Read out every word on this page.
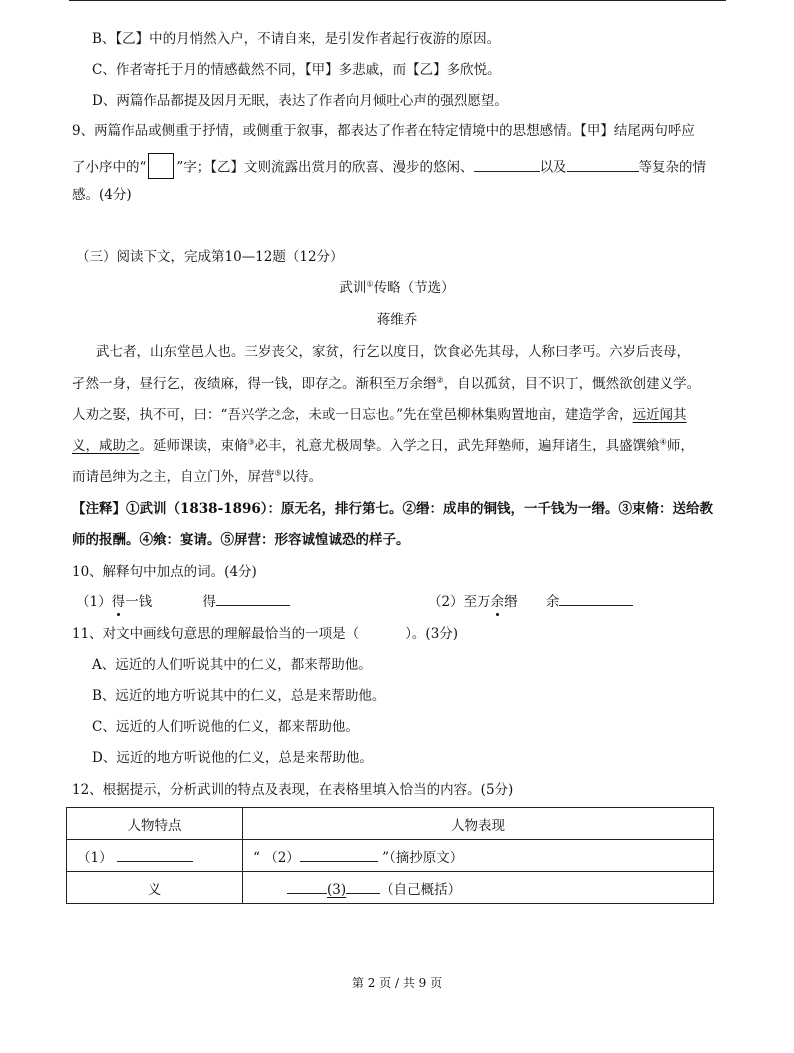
B、【乙】中的月悄然入户，不请自来，是引发作者起行夜游的原因。
C、作者寄托于月的情感截然不同，【甲】多悲戚，而【乙】多欣悦。
D、两篇作品都提及因月无眠，表达了作者向月倾吐心声的强烈愿望。
9、两篇作品或侧重于抒情，或侧重于叙事，都表达了作者在特定情境中的思想感情。【甲】结尾两句呼应
了小序中的“ ”字；【乙】文则流露出赏月的欣喜、漫步的悠闲、	以及	等复杂的情
感。(4分)
（三）阅读下文，完成第10—12题（12分）
武训①传略（节选）
蒋维乔
武七者，山东堂邑人也。三岁丧父，家贫，行乞以度日，饮食必先其母，人称曰孝丐。六岁后丧母，
孑然一身，昼行乞，夜绩麻，得一钱，即存之。渐积至万余缗②，自以孤贫，目不识丁，慨然欲创建义学。
人劝之娶，执不可，曰：“吾兴学之念，未或一日忘也。”先在堂邑柳林集购置地亩，建造学舍，远近闻其
义，咸助之。延师课读，束脩③必丰，礼意尤极周挚。入学之日，武先拜塾师，遍拜诸生，具盛馔飨④师，
而请邑绅为之主，自立门外，屏营⑤以待。
【注释】①武训（1838-1896）：原无名，排行第七。②缗：成串的铜钱，一千钱为一缗。③束脩：送给教
师的报酬。④飨：宴请。⑤屏营：形容诚惶诚恐的样子。
10、解释句中加点的词。(4分)
（1）得一钱	得	（2）至万余缗 余
11、对文中画线句意思的理解最恰当的一项是（	）。(3分)
A、远近的人们听说其中的仁义，都来帮助他。
B、远近的地方听说其中的仁义，总是来帮助他。
C、远近的人们听说他的仁义，都来帮助他。
D、远近的地方听说他的仁义，总是来帮助他。
12、根据提示，分析武训的特点及表现，在表格里填入恰当的内容。(5分)
人物特点	人物表现
（1）	“ （2） ”（摘抄原文）
义	(3) （自己概括）
第 2 页 / 共 9 页
